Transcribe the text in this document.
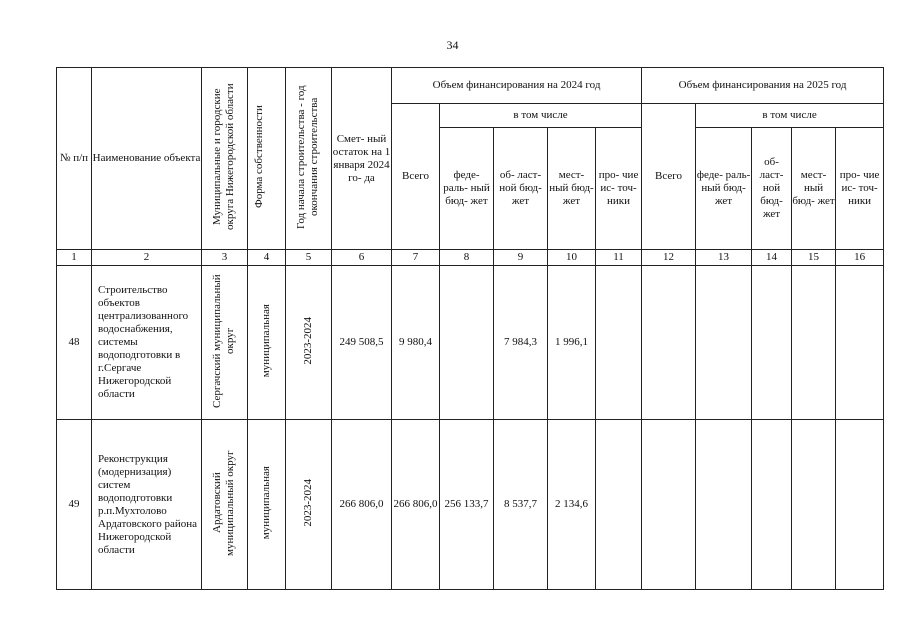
34
№ п/п	Наименование объекта	Муниципальные и городские округа Нижегородской области	Форма собственности	Год начала строительства - год окончания строительства	Смет- ный остаток на 1 января 2024 го- да	Объем финансирования на 2024 год					Объем финансирования на 2025 год				
						Всего	в том числе				Всего	в том числе			
							федe- раль- ный бюд- жет	об- ласт- ной бюд- жет	мест- ный бюд- жет	про- чие ис- точ- ники		феде- раль- ный бюд- жет	об- ласт- ной бюд- жет	мест- ный бюд- жет	про- чие ис- точ- ники
1	2	3	4	5	6	7	8	9	10	11	12	13	14	15	16
48	Строительство объектов централизованного водоснабжения, системы водоподготовки в г.Сергаче Нижегородской области	Сергачский муниципальный округ	муниципальная	2023-2024	249 508,5	9 980,4		7 984,3	1 996,1						
49	Реконструкция (модернизация) систем водоподготовки р.п.Мухтолово Ардатовского района Нижегородской области	Ардатовский муниципальный округ	муниципальная	2023-2024	266 806,0	266 806,0	256 133,7	8 537,7	2 134,6						
